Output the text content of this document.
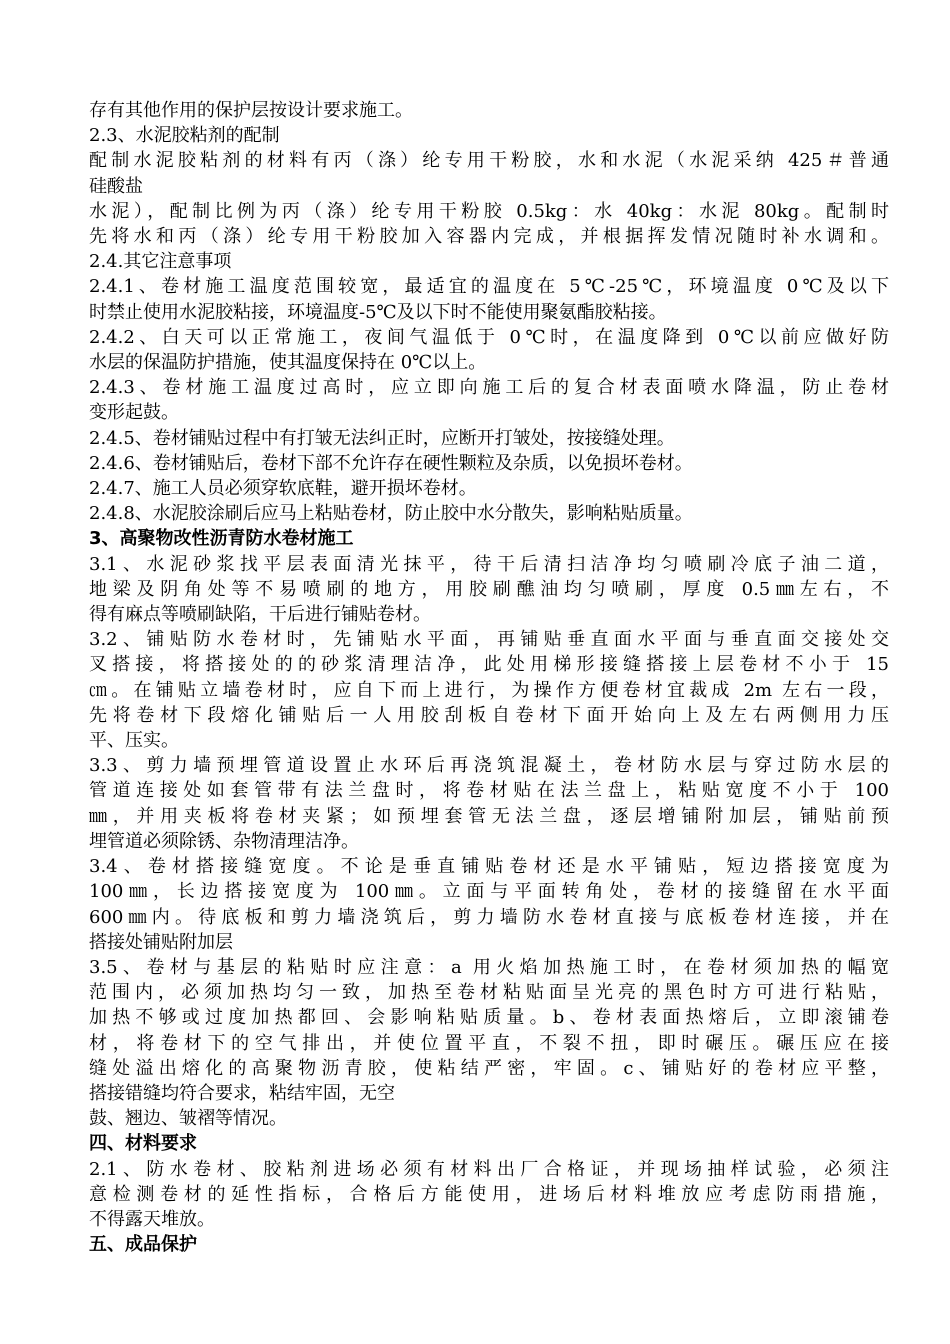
存有其他作用的保护层按设计要求施工。
2.3、水泥胶粘剂的配制
配制水泥胶粘剂的材料有丙（涤）纶专用干粉胶，水和水泥（水泥采纳 425＃普通
硅酸盐
水泥），配制比例为丙（涤）纶专用干粉胶 0.5kg：水 40kg：水泥 80kg。配制时
先将水和丙（涤）纶专用干粉胶加入容器内完成，并根据挥发情况随时补水调和。
2.4.其它注意事项
2.4.1、卷材施工温度范围较宽，最适宜的温度在 5℃-25℃，环境温度 0℃及以下
时禁止使用水泥胶粘接，环境温度-5℃及以下时不能使用聚氨酯胶粘接。
2.4.2、白天可以正常施工，夜间气温低于 0℃时，在温度降到 0℃以前应做好防
水层的保温防护措施，使其温度保持在 0℃以上。
2.4.3、卷材施工温度过高时，应立即向施工后的复合材表面喷水降温，防止卷材
变形起鼓。
2.4.5、卷材铺贴过程中有打皱无法纠正时，应断开打皱处，按接缝处理。
2.4.6、卷材铺贴后，卷材下部不允许存在硬性颗粒及杂质，以免损坏卷材。
2.4.7、施工人员必须穿软底鞋，避开损坏卷材。
2.4.8、水泥胶涂刷后应马上粘贴卷材，防止胶中水分散失，影响粘贴质量。
3、高聚物改性沥青防水卷材施工
3.1、水泥砂浆找平层表面清光抹平，待干后清扫洁净均匀喷刷冷底子油二道，
地梁及阴角处等不易喷刷的地方，用胶刷醮油均匀喷刷，厚度 0.5㎜左右，不
得有麻点等喷刷缺陷，干后进行铺贴卷材。
3.2、铺贴防水卷材时，先铺贴水平面，再铺贴垂直面水平面与垂直面交接处交
叉搭接，将搭接处的的砂浆清理洁净，此处用梯形接缝搭接上层卷材不小于 15
㎝。在铺贴立墙卷材时，应自下而上进行，为操作方便卷材宜裁成 2m 左右一段，
先将卷材下段熔化铺贴后一人用胶刮板自卷材下面开始向上及左右两侧用力压
平、压实。
3.3、剪力墙预埋管道设置止水环后再浇筑混凝土，卷材防水层与穿过防水层的
管道连接处如套管带有法兰盘时，将卷材贴在法兰盘上，粘贴宽度不小于 100
㎜，并用夹板将卷材夹紧；如预埋套管无法兰盘，逐层增铺附加层，铺贴前预
埋管道必须除锈、杂物清理洁净。
3.4、卷材搭接缝宽度。不论是垂直铺贴卷材还是水平铺贴，短边搭接宽度为
100㎜，长边搭接宽度为 100㎜。立面与平面转角处，卷材的接缝留在水平面
600㎜内。待底板和剪力墙浇筑后，剪力墙防水卷材直接与底板卷材连接，并在
搭接处铺贴附加层
3.5、卷材与基层的粘贴时应注意：a 用火焰加热施工时，在卷材须加热的幅宽
范围内，必须加热均匀一致，加热至卷材粘贴面呈光亮的黑色时方可进行粘贴，
加热不够或过度加热都回、会影响粘贴质量。b、卷材表面热熔后，立即滚铺卷
材，将卷材下的空气排出，并使位置平直，不裂不扭，即时碾压。碾压应在接
缝处溢出熔化的高聚物沥青胶，使粘结严密，牢固。c、铺贴好的卷材应平整，
搭接错缝均符合要求，粘结牢固，无空
鼓、翘边、皱褶等情况。
四、材料要求
2.1、防水卷材、胶粘剂进场必须有材料出厂合格证，并现场抽样试验，必须注
意检测卷材的延性指标，合格后方能使用，进场后材料堆放应考虑防雨措施，
不得露天堆放。
五、成品保护
